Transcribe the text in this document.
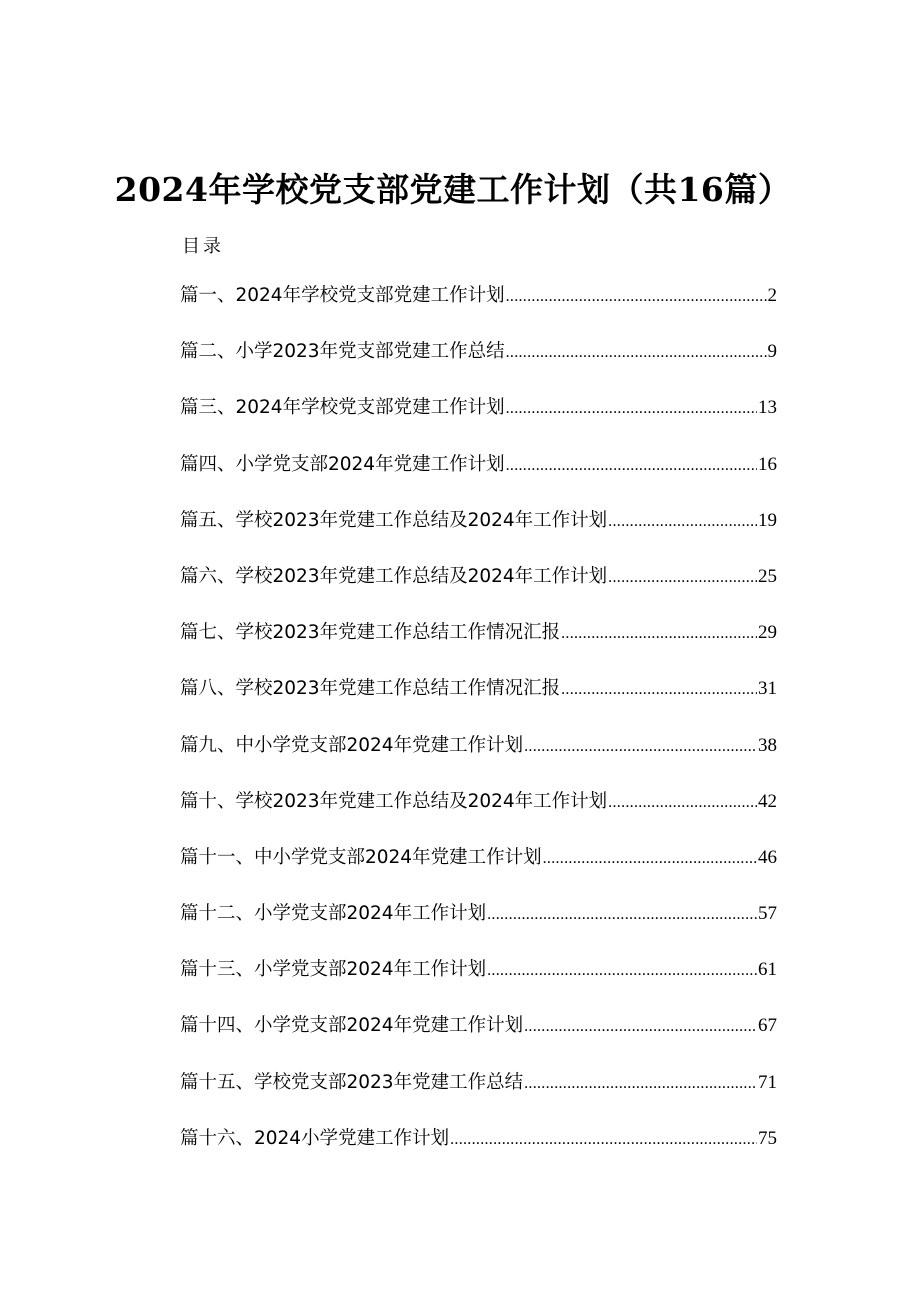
2024年学校党支部党建工作计划（共16篇）
目录
篇一、2024年学校党支部党建工作计划 .....	2
篇二、小学2023年党支部党建工作总结 .....	9
篇三、2024年学校党支部党建工作计划 .....	13
篇四、小学党支部2024年党建工作计划 .....	16
篇五、学校2023年党建工作总结及2024年工作计划 .....	19
篇六、学校2023年党建工作总结及2024年工作计划 .....	25
篇七、学校2023年党建工作总结工作情况汇报 .....	29
篇八、学校2023年党建工作总结工作情况汇报 .....	31
篇九、中小学党支部2024年党建工作计划 .....	38
篇十、学校2023年党建工作总结及2024年工作计划 .....	42
篇十一、中小学党支部2024年党建工作计划 .....	46
篇十二、小学党支部2024年工作计划 .....	57
篇十三、小学党支部2024年工作计划 .....	61
篇十四、小学党支部2024年党建工作计划 .....	67
篇十五、学校党支部2023年党建工作总结 .....	71
篇十六、2024小学党建工作计划 .....	75
